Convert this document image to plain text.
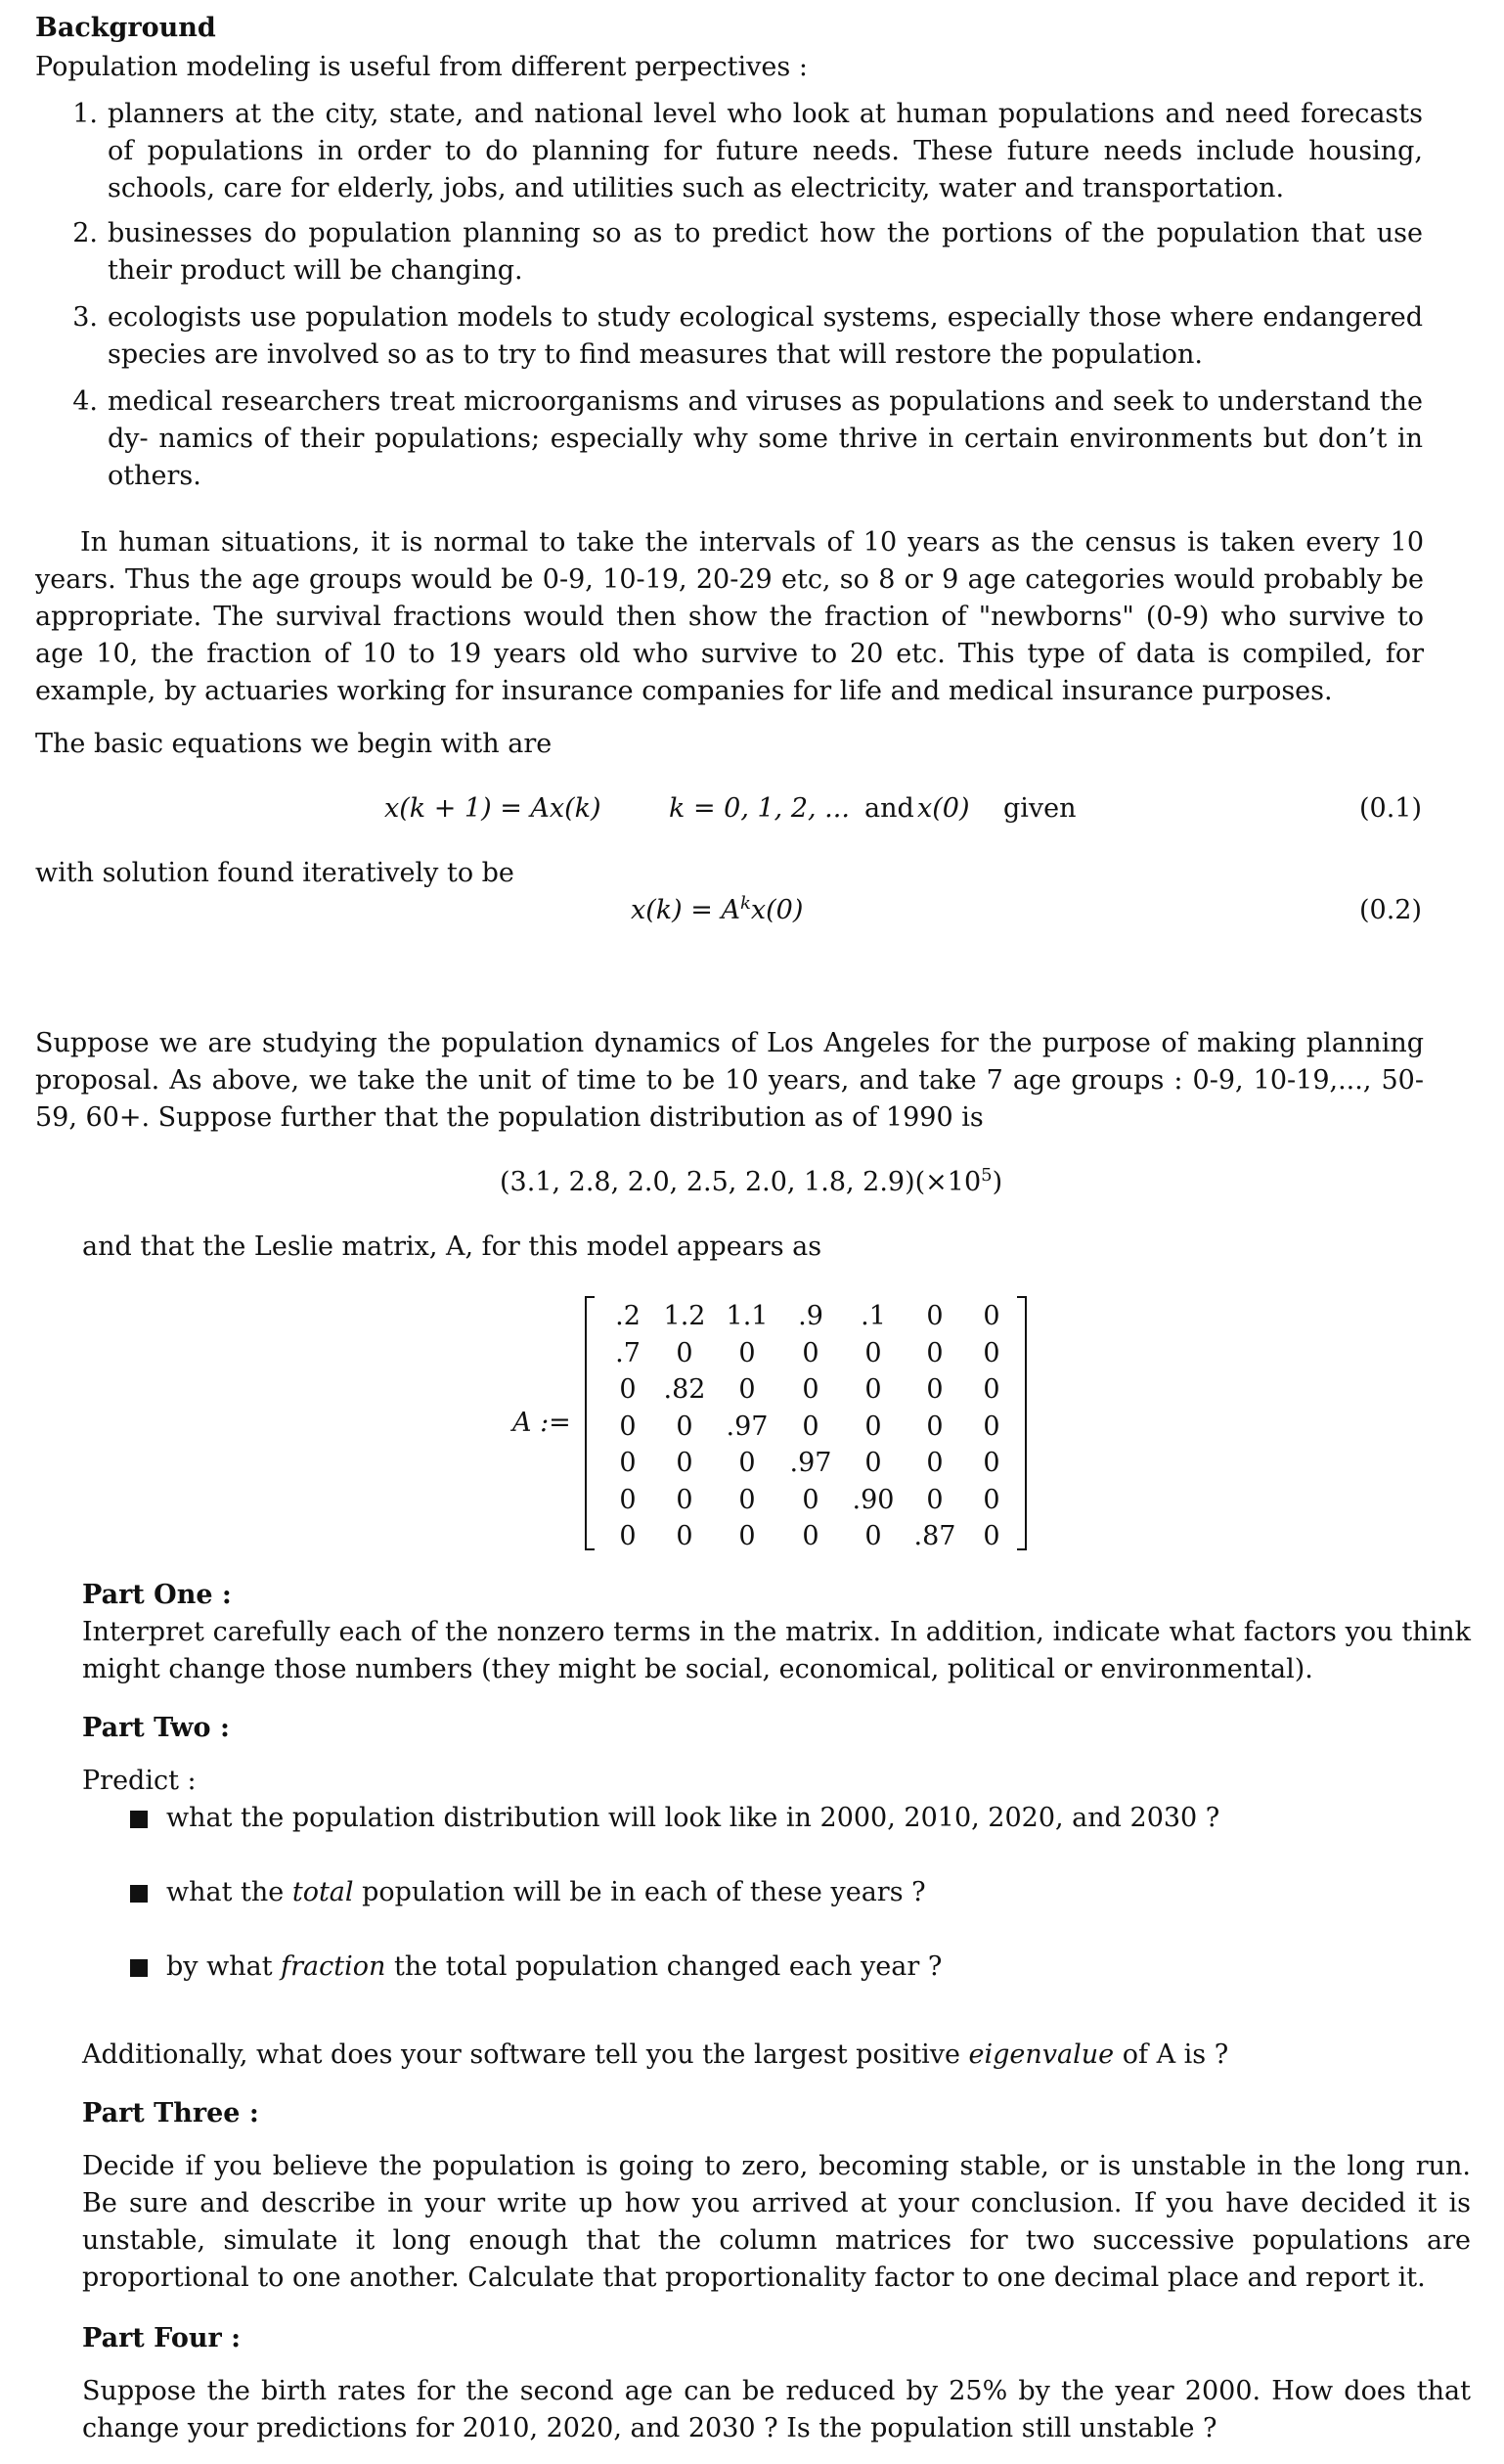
Background
Population modeling is useful from different perpectives :
1. planners at the city, state, and national level who look at human populations and need forecasts of populations in order to do planning for future needs. These future needs include housing, schools, care for elderly, jobs, and utilities such as electricity, water and transportation.
2. businesses do population planning so as to predict how the portions of the population that use their product will be changing.
3. ecologists use population models to study ecological systems, especially those where endangered species are involved so as to try to find measures that will restore the population.
4. medical researchers treat microorganisms and viruses as populations and seek to understand the dy- namics of their populations; especially why some thrive in certain environments but don’t in others.
In human situations, it is normal to take the intervals of 10 years as the census is taken every 10 years. Thus the age groups would be 0-9, 10-19, 20-29 etc, so 8 or 9 age categories would probably be appropriate. The survival fractions would then show the fraction of "newborns" (0-9) who survive to age 10, the fraction of 10 to 19 years old who survive to 20 etc. This type of data is compiled, for example, by actuaries working for insurance companies for life and medical insurance purposes.
The basic equations we begin with are
x(k + 1) = Ax(k)	k = 0, 1, 2, ... and x(0) given	(0.1)
with solution found iteratively to be
$x(k) = A^kx(0)$	(0.2)
Suppose we are studying the population dynamics of Los Angeles for the purpose of making planning proposal. As above, we take the unit of time to be 10 years, and take 7 age groups : 0-9, 10-19,..., 50-59, 60+. Suppose further that the population distribution as of 1990 is
(3.1, 2.8, 2.0, 2.5, 2.0, 1.8, $2.9)(\times 10^5)$
and that the Leslie matrix, A, for this model appears as
A :=
.2 1.2 1.1	.9	.1	0	0
.7	0	0	0	0	0	0
0	.82	0	0	0	0	0
0	0	.97	0	0	0	0
0	0	0	.97	0	0	0
0	0	0	0	.90	0	0
0	0	0	0	0	.87	0
Part One :
Interpret carefully each of the nonzero terms in the matrix. In addition, indicate what factors you think might change those numbers (they might be social, economical, political or environmental).
Part Two :
Predict :
what the population distribution will look like in 2000, 2010, 2020, and 2030 ?
what the total population will be in each of these years ?
by what fraction the total population changed each year ?
Additionally, what does your software tell you the largest positive eigenvalue of A is ?
Part Three :
Decide if you believe the population is going to zero, becoming stable, or is unstable in the long run. Be sure and describe in your write up how you arrived at your conclusion. If you have decided it is unstable, simulate it long enough that the column matrices for two successive populations are proportional to one another. Calculate that proportionality factor to one decimal place and report it.
Part Four :
Suppose the birth rates for the second age can be reduced by 25% by the year 2000. How does that change your predictions for 2010, 2020, and 2030 ? Is the population still unstable ?
